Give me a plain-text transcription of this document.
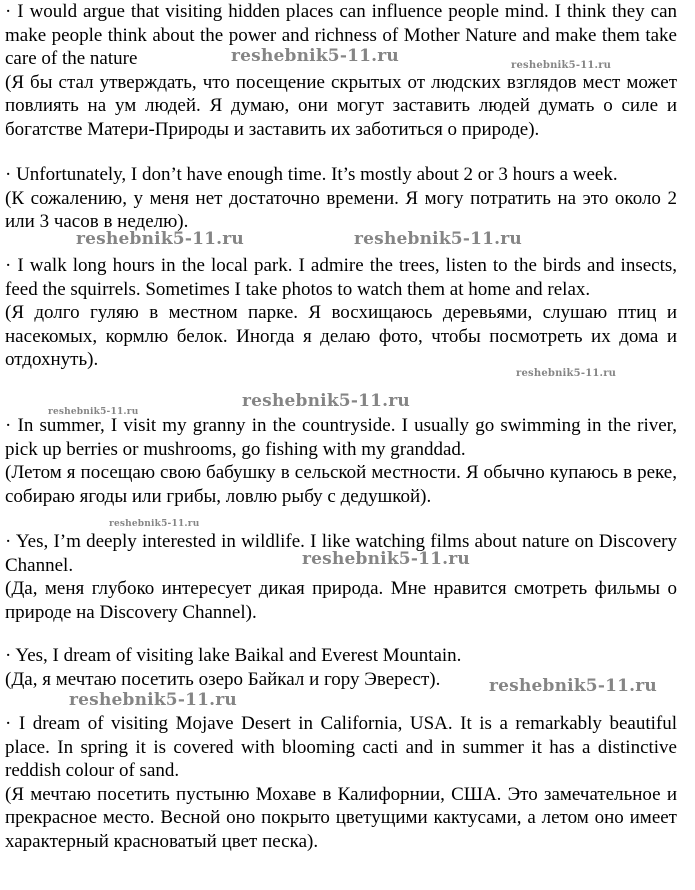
· I would argue that visiting hidden places can influence people mind. I think they can make people think about the power and richness of Mother Nature and make them take care of the nature

(Я бы стал утверждать, что посещение скрытых от людских взглядов мест может повлиять на ум людей. Я думаю, они могут заставить людей думать о силе и богатстве Матери-Природы и заставить их заботиться о природе).

· Unfortunately, I don’t have enough time. It’s mostly about 2 or 3 hours a week.

(К сожалению, у меня нет достаточно времени. Я могу потратить на это около 2 или 3 часов в неделю).

· I walk long hours in the local park. I admire the trees, listen to the birds and insects, feed the squirrels. Sometimes I take photos to watch them at home and relax.

(Я долго гуляю в местном парке. Я восхищаюсь деревьями, слушаю птиц и насекомых, кормлю белок. Иногда я делаю фото, чтобы посмотреть их дома и отдохнуть).

· In summer, I visit my granny in the countryside. I usually go swimming in the river, pick up berries or mushrooms, go fishing with my granddad.

(Летом я посещаю свою бабушку в сельской местности. Я обычно купаюсь в реке, собираю ягоды или грибы, ловлю рыбу с дедушкой).

· Yes, I’m deeply interested in wildlife. I like watching films about nature on Discovery Channel.

(Да, меня глубоко интересует дикая природа. Мне нравится смотреть фильмы о природе на Discovery Channel).

· Yes, I dream of visiting lake Baikal and Everest Mountain.

(Да, я мечтаю посетить озеро Байкал и гору Эверест).

· I dream of visiting Mojave Desert in California, USA. It is a remarkably beautiful place. In spring it is covered with blooming cacti and in summer it has a distinctive reddish colour of sand.

(Я мечтаю посетить пустыню Мохаве в Калифорнии, США. Это замечательное и прекрасное место. Весной оно покрыто цветущими кактусами, а летом оно имеет характерный красноватый цвет песка).

reshebnik5-11.ru	reshebnik5-11.ru
reshebnik5-11.ru	reshebnik5-11.ru
reshebnik5-11.ru
reshebnik5-11.ru
reshebnik5-11.ru
reshebnik5-11.ru
reshebnik5-11.ru
reshebnik5-11.ru
reshebnik5-11.ru
